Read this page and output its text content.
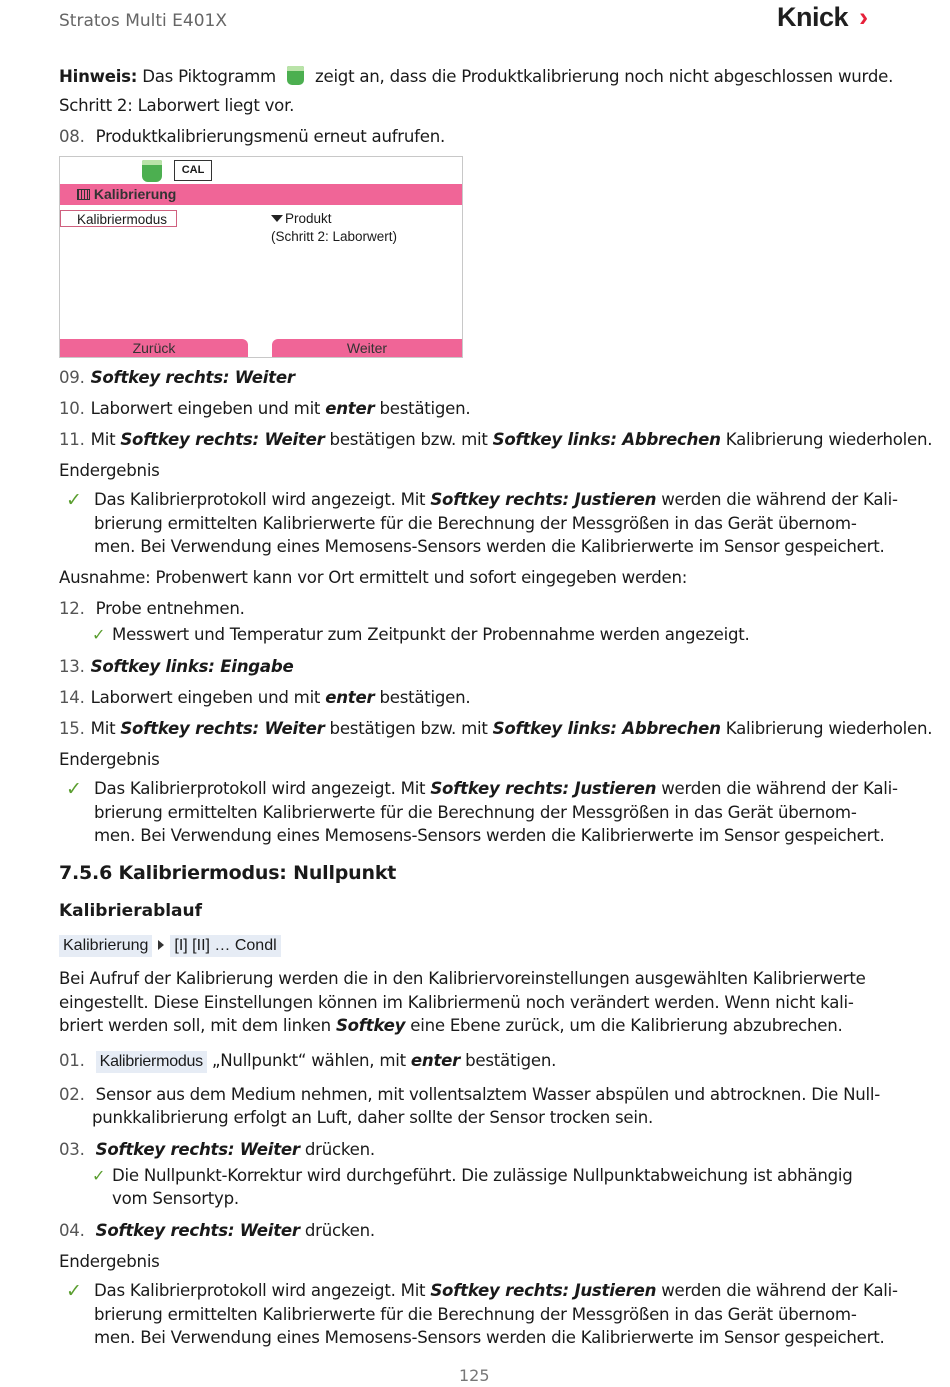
Stratos Multi E401X	Knick ›
Hinweis: Das Piktogramm zeigt an, dass die Produktkalibrierung noch nicht abgeschlossen wurde.
Schritt 2: Laborwert liegt vor.
08. Produktkalibrierungsmenü erneut aufrufen.
CAL
Kalibrierung
Kalibriermodus	Produkt
(Schritt 2: Laborwert)
Zurück	Weiter
09. Softkey rechts: Weiter
10. Laborwert eingeben und mit enter bestätigen.
11. Mit Softkey rechts: Weiter bestätigen bzw. mit Softkey links: Abbrechen Kalibrierung wiederholen.
Endergebnis
✓ Das Kalibrierprotokoll wird angezeigt. Mit Softkey rechts: Justieren werden die während der Kali-
brierung ermittelten Kalibrierwerte für die Berechnung der Messgrößen in das Gerät übernom-
men. Bei Verwendung eines Memosens-Sensors werden die Kalibrierwerte im Sensor gespeichert.
Ausnahme: Probenwert kann vor Ort ermittelt und sofort eingegeben werden:
12. Probe entnehmen.
✓ Messwert und Temperatur zum Zeitpunkt der Probennahme werden angezeigt.
13. Softkey links: Eingabe
14. Laborwert eingeben und mit enter bestätigen.
15. Mit Softkey rechts: Weiter bestätigen bzw. mit Softkey links: Abbrechen Kalibrierung wiederholen.
Endergebnis
✓ Das Kalibrierprotokoll wird angezeigt. Mit Softkey rechts: Justieren werden die während der Kali-
brierung ermittelten Kalibrierwerte für die Berechnung der Messgrößen in das Gerät übernom-
men. Bei Verwendung eines Memosens-Sensors werden die Kalibrierwerte im Sensor gespeichert.
7.5.6 Kalibriermodus: Nullpunkt
Kalibrierablauf
Kalibrierung [I] [II] … Condl
Bei Aufruf der Kalibrierung werden die in den Kalibriervoreinstellungen ausgewählten Kalibrierwerte
eingestellt. Diese Einstellungen können im Kalibriermenü noch verändert werden. Wenn nicht kali-
briert werden soll, mit dem linken Softkey eine Ebene zurück, um die Kalibrierung abzubrechen.
01. Kalibriermodus „Nullpunkt“ wählen, mit enter bestätigen.
02. Sensor aus dem Medium nehmen, mit vollentsalztem Wasser abspülen und abtrocknen. Die Null-
punkkalibrierung erfolgt an Luft, daher sollte der Sensor trocken sein.
03. Softkey rechts: Weiter drücken.
✓ Die Nullpunkt-Korrektur wird durchgeführt. Die zulässige Nullpunktabweichung ist abhängig
vom Sensortyp.
04. Softkey rechts: Weiter drücken.
Endergebnis
✓ Das Kalibrierprotokoll wird angezeigt. Mit Softkey rechts: Justieren werden die während der Kali-
brierung ermittelten Kalibrierwerte für die Berechnung der Messgrößen in das Gerät übernom-
men. Bei Verwendung eines Memosens-Sensors werden die Kalibrierwerte im Sensor gespeichert.
125
